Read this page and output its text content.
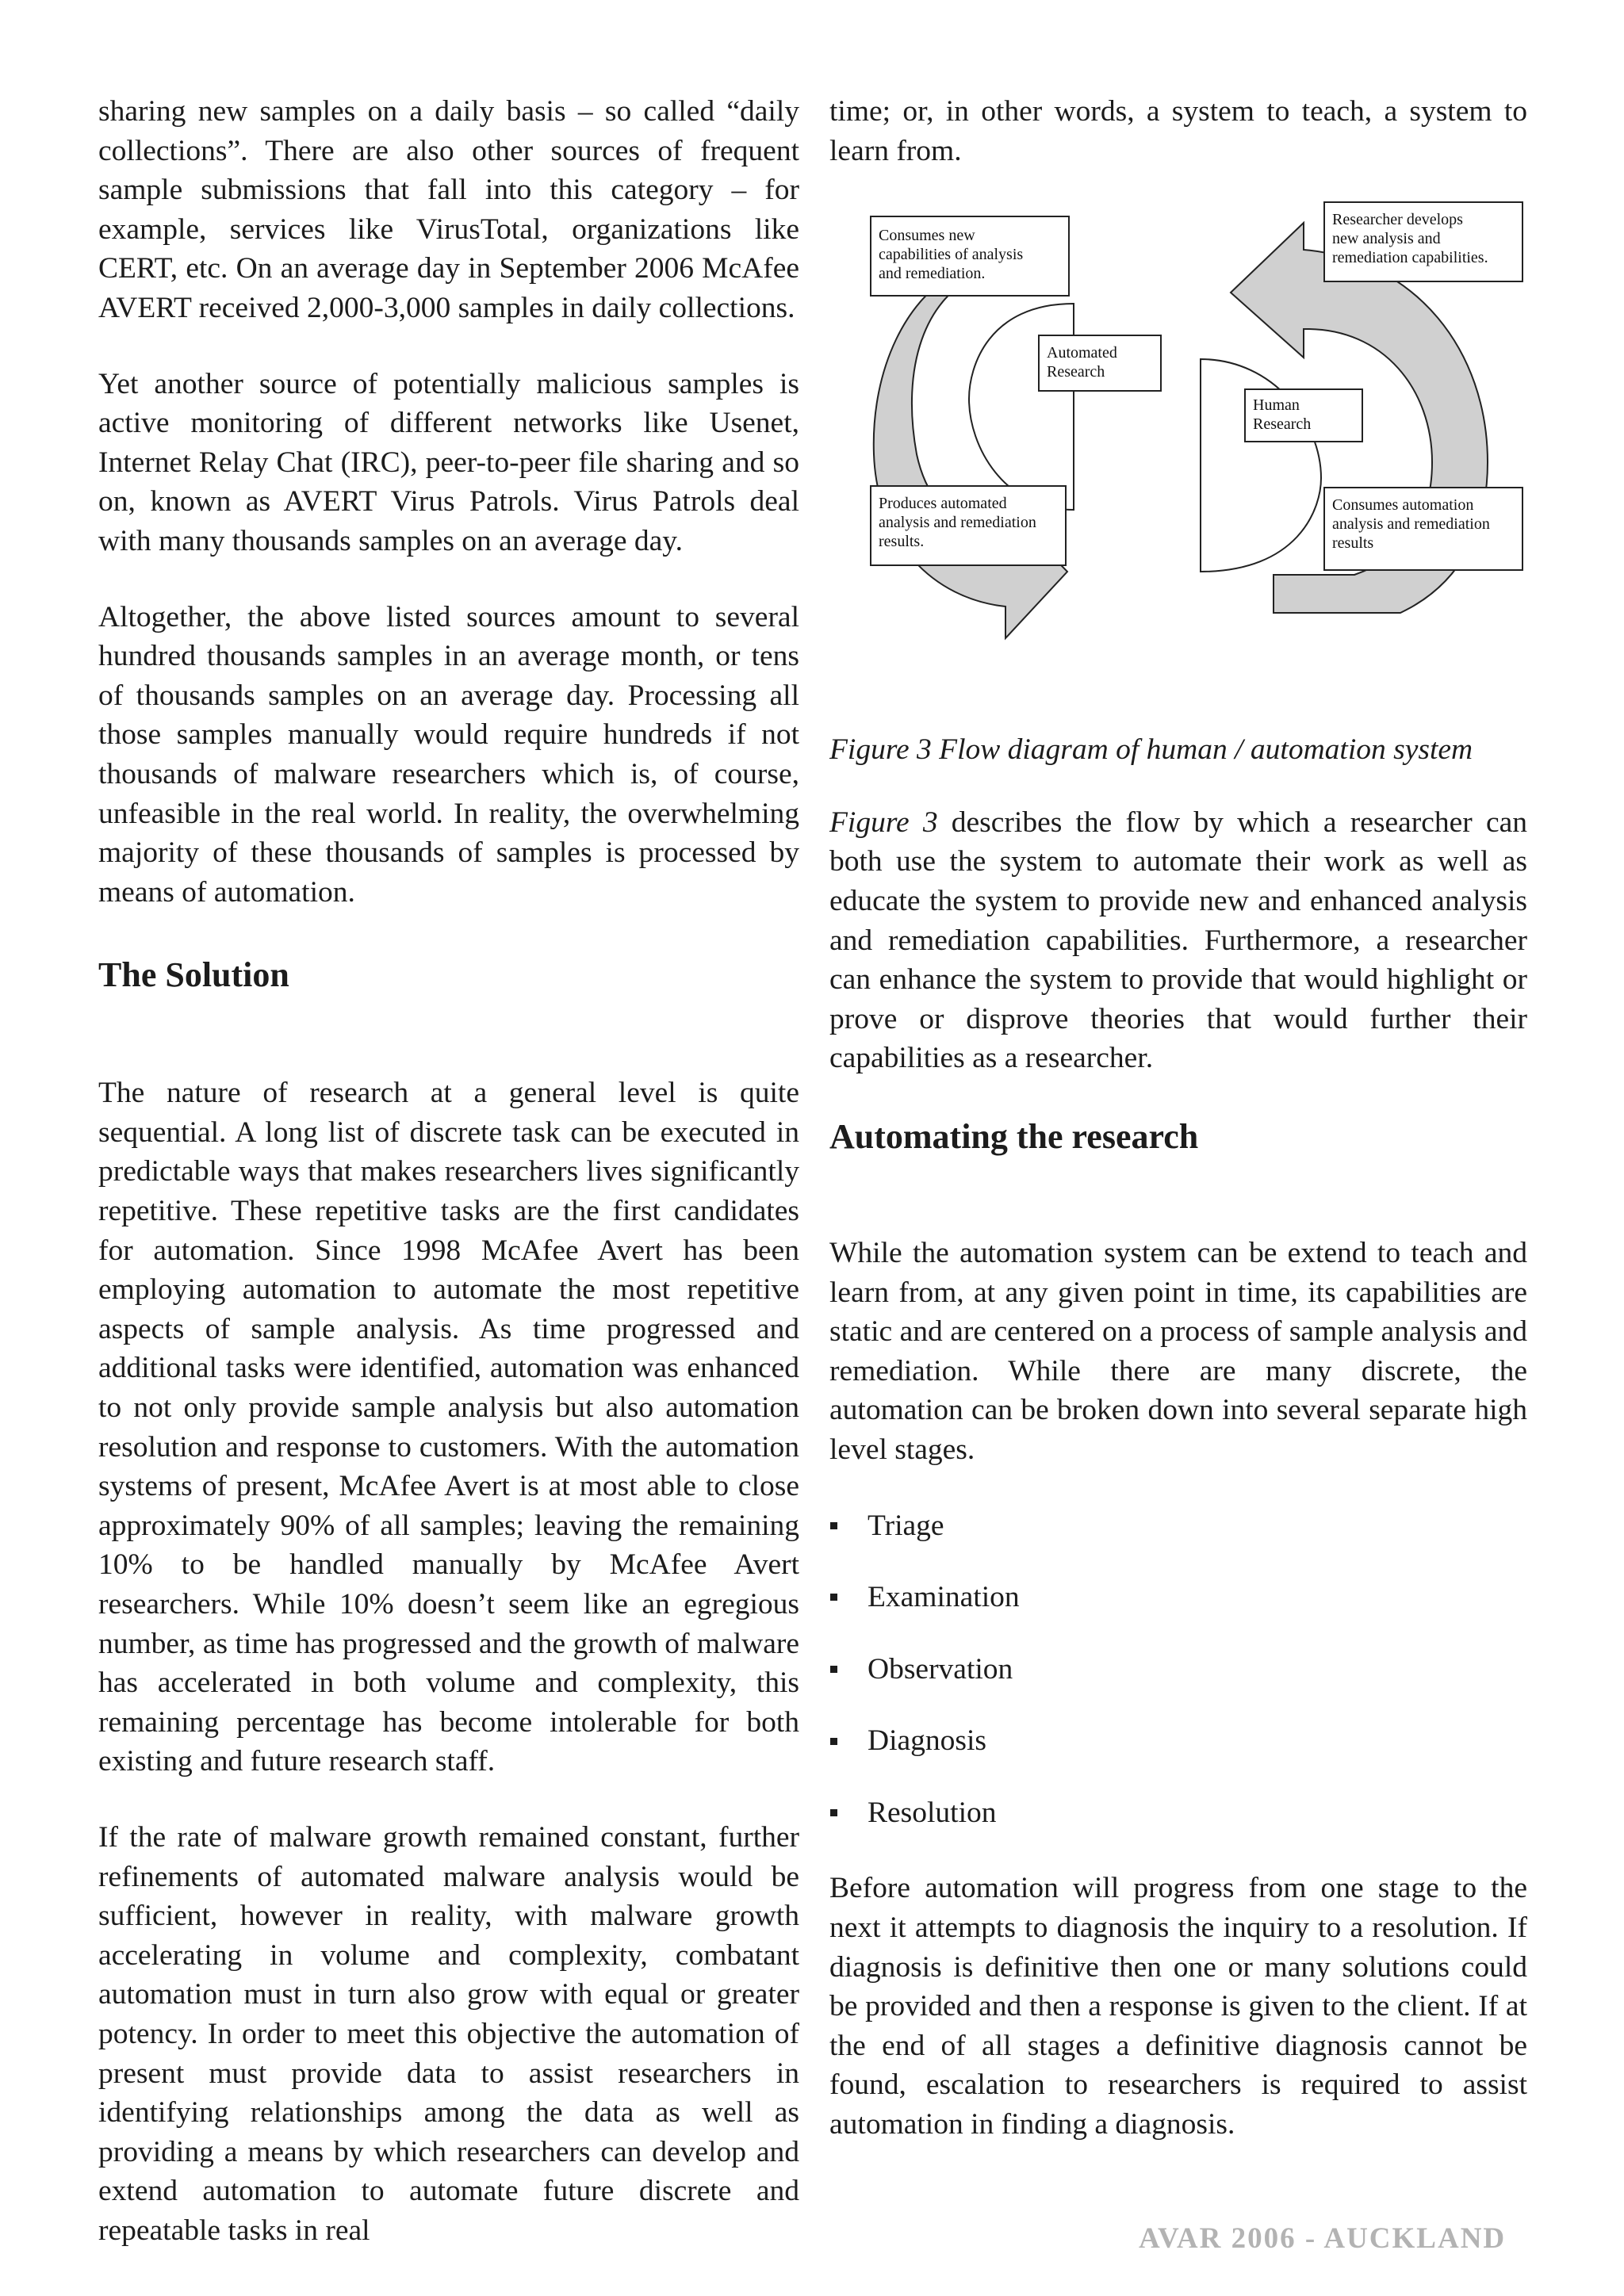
sharing new samples on a daily basis – so called “daily collections”. There are also other sources of frequent sample submissions that fall into this category – for example, services like VirusTotal, organizations like CERT, etc. On an average day in September 2006 McAfee AVERT received 2,000-3,000 samples in daily collections.

Yet another source of potentially malicious samples is active monitoring of different networks like Usenet, Internet Relay Chat (IRC), peer-to-peer file sharing and so on, known as AVERT Virus Patrols. Virus Patrols deal with many thousands samples on an average day.

Altogether, the above listed sources amount to several hundred thousands samples in an average month, or tens of thousands samples on an average day. Processing all those samples manually would require hundreds if not thousands of malware researchers which is, of course, unfeasible in the real world. In reality, the overwhelming majority of these thousands of samples is processed by means of automation.

The Solution

The nature of research at a general level is quite sequential. A long list of discrete task can be executed in predictable ways that makes researchers lives significantly repetitive. These repetitive tasks are the first candidates for automation. Since 1998 McAfee Avert has been employing automation to automate the most repetitive aspects of sample analysis. As time progressed and additional tasks were identified, automation was enhanced to not only provide sample analysis but also automation resolution and response to customers. With the automation systems of present, McAfee Avert is at most able to close approximately 90% of all samples; leaving the remaining 10% to be handled manually by McAfee Avert researchers. While 10% doesn’t seem like an egregious number, as time has progressed and the growth of malware has accelerated in both volume and complexity, this remaining percentage has become intolerable for both existing and future research staff.

If the rate of malware growth remained constant, further refinements of automated malware analysis would be sufficient, however in reality, with malware growth accelerating in volume and complexity, combatant automation must in turn also grow with equal or greater potency. In order to meet this objective the automation of present must provide data to assist researchers in identifying relationships among the data as well as providing a means by which researchers can develop and extend automation to automate future discrete and repeatable tasks in real

time; or, in other words, a system to teach, a system to learn from.

Consumes new capabilities of analysis and remediation.
Researcher develops new analysis and remediation capabilities.
Automated Research
Human Research
Produces automated analysis and remediation results.
Consumes automation analysis and remediation results

Figure 3 Flow diagram of human / automation system

Figure 3 describes the flow by which a researcher can both use the system to automate their work as well as educate the system to provide new and enhanced analysis and remediation capabilities. Furthermore, a researcher can enhance the system to provide that would highlight or prove or disprove theories that would further their capabilities as a researcher.

Automating the research

While the automation system can be extend to teach and learn from, at any given point in time, its capabilities are static and are centered on a process of sample analysis and remediation. While there are many discrete, the automation can be broken down into several separate high level stages.

Triage
Examination
Observation
Diagnosis
Resolution

Before automation will progress from one stage to the next it attempts to diagnosis the inquiry to a resolution. If diagnosis is definitive then one or many solutions could be provided and then a response is given to the client. If at the end of all stages a definitive diagnosis cannot be found, escalation to researchers is required to assist automation in finding a diagnosis.

AVAR 2006 - AUCKLAND
